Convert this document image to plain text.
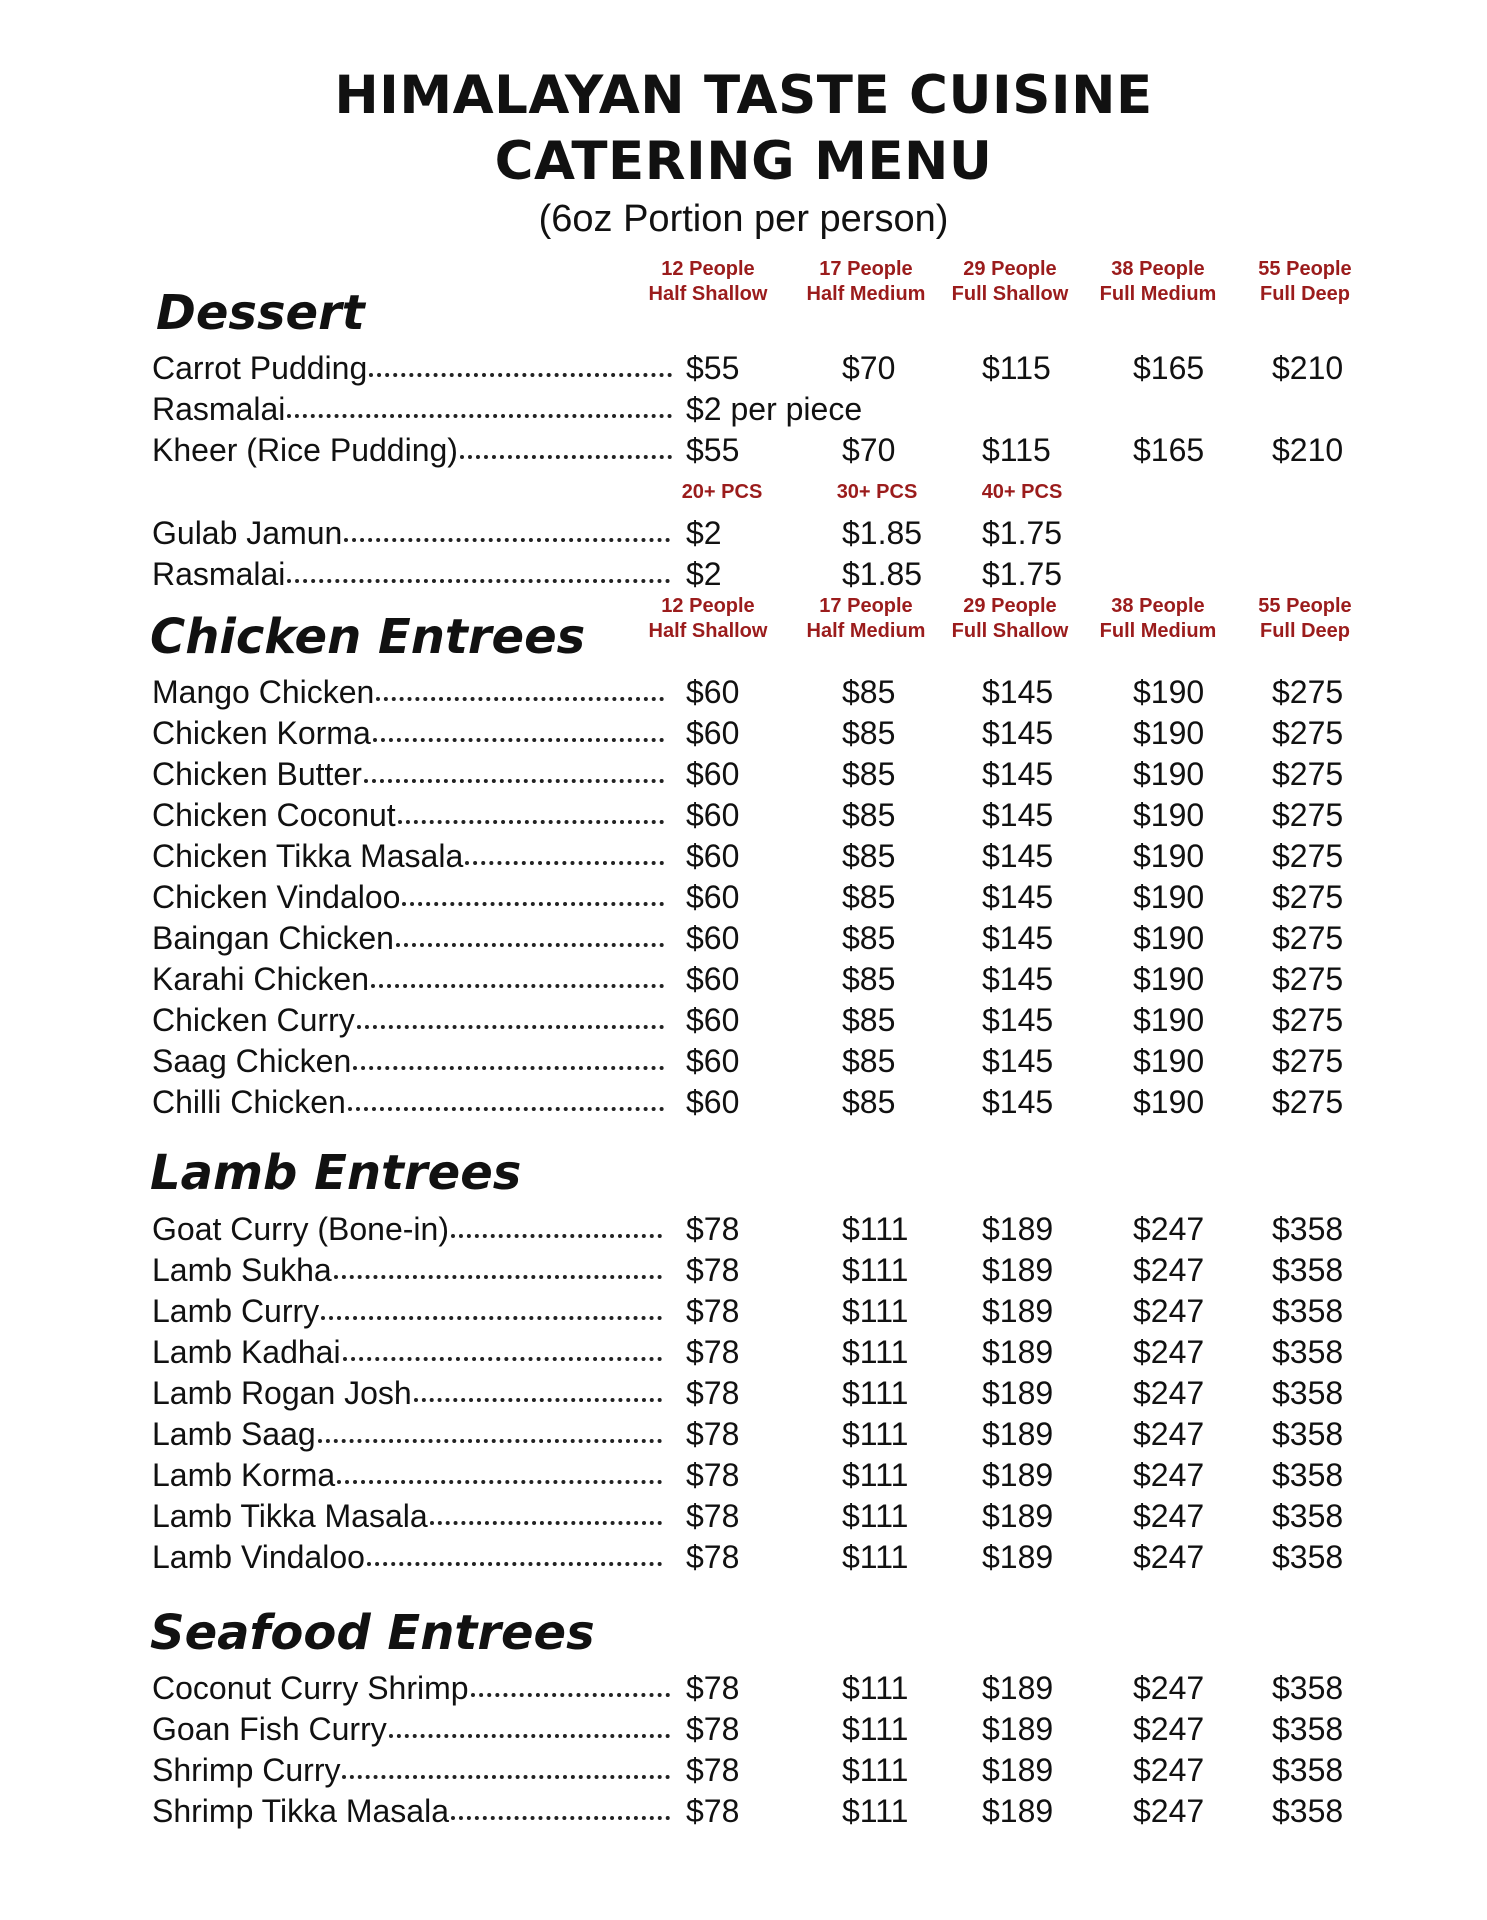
HIMALAYAN TASTE CUISINE
CATERING MENU
(6oz Portion per person)
Dessert
12 People
Half Shallow
17 People
Half Medium
29 People
Full Shallow
38 People
Full Medium
55 People
Full Deep
Carrot Pudding	$55	$70	$115	$165 $210
Rasmalai	$2 per piece
Kheer (Rice Pudding)	$55	$70	$115	$165 $210
20+ PCS	30+ PCS	40+ PCS
Gulab Jamun	$2	$1.85 $1.75
Rasmalai	$2	$1.85 $1.75
Chicken Entrees
12 People
Half Shallow
17 People
Half Medium
29 People
Full Shallow
38 People
Full Medium
55 People
Full Deep
Mango Chicken	$60	$85	$145 $190 $275
Chicken Korma	$60	$85	$145 $190 $275
Chicken Butter	$60	$85	$145 $190 $275
Chicken Coconut	$60	$85	$145 $190 $275
Chicken Tikka Masala	$60	$85	$145 $190 $275
Chicken Vindaloo	$60	$85	$145 $190 $275
Baingan Chicken	$60	$85	$145 $190 $275
Karahi Chicken	$60	$85	$145 $190 $275
Chicken Curry	$60	$85	$145 $190 $275
Saag Chicken	$60	$85	$145 $190 $275
Chilli Chicken	$60	$85	$145 $190 $275
Lamb Entrees
Goat Curry (Bone-in)	$78	$111 $189 $247 $358
Lamb Sukha	$78	$111 $189 $247 $358
Lamb Curry	$78	$111 $189 $247 $358
Lamb Kadhai	$78	$111 $189 $247 $358
Lamb Rogan Josh	$78	$111 $189 $247 $358
Lamb Saag	$78	$111 $189 $247 $358
Lamb Korma	$78	$111 $189 $247 $358
Lamb Tikka Masala	$78	$111 $189 $247 $358
Lamb Vindaloo	$78	$111 $189 $247 $358
Seafood Entrees
Coconut Curry Shrimp	$78	$111 $189 $247 $358
Goan Fish Curry	$78	$111 $189 $247 $358
Shrimp Curry	$78	$111 $189 $247 $358
Shrimp Tikka Masala	$78	$111 $189 $247 $358
